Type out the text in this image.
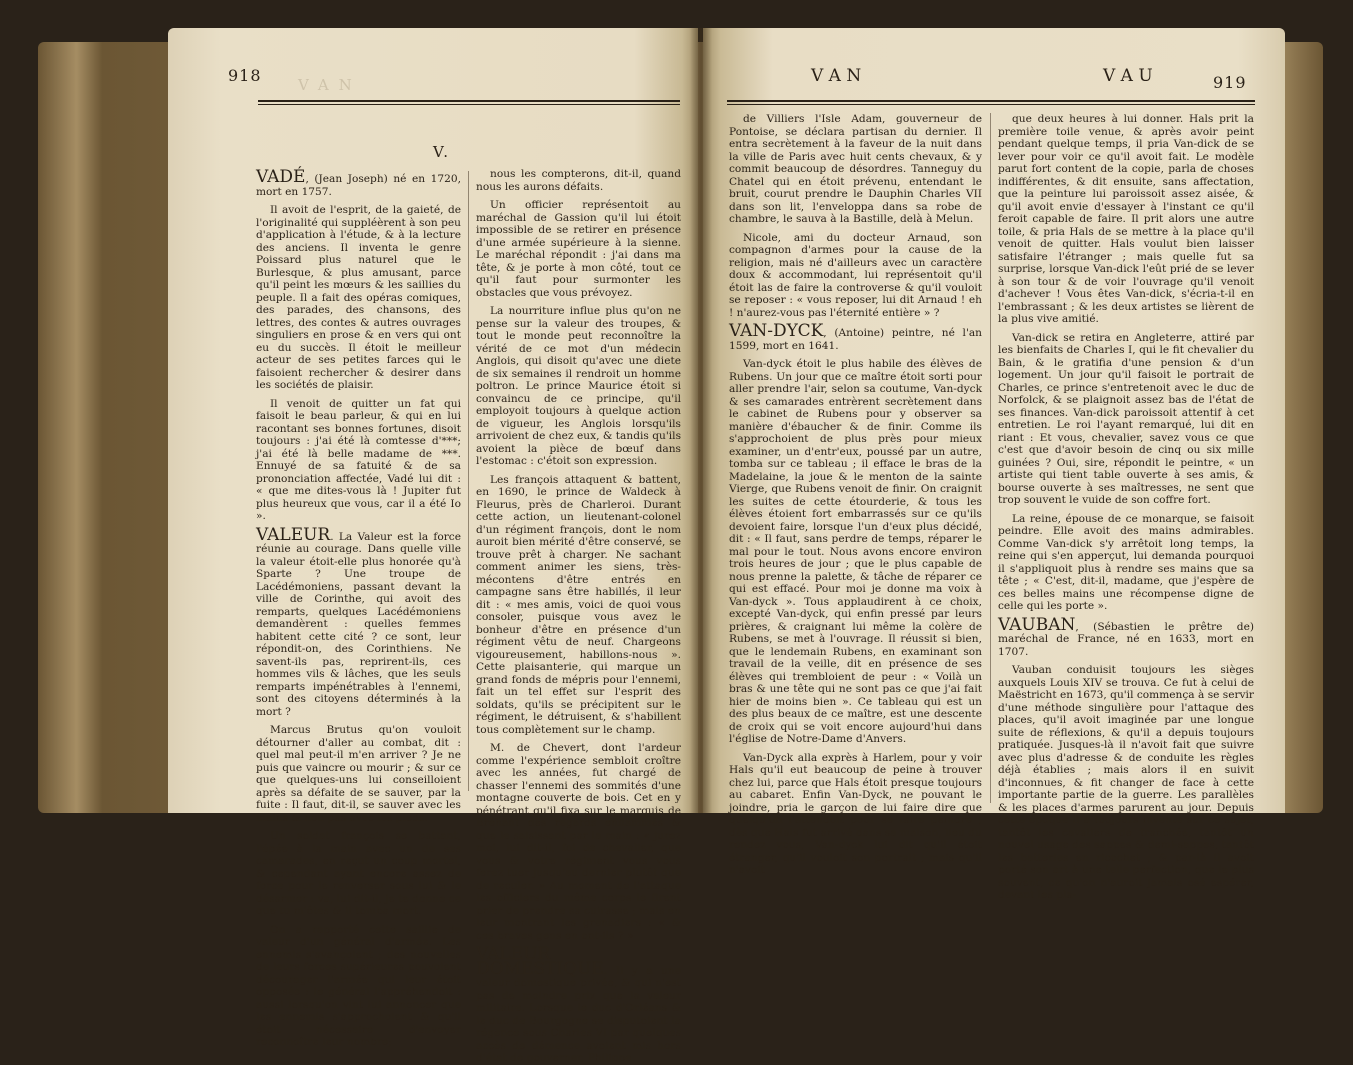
918 VAN
V.

VADÉ, (Jean Joseph) né en 1720, mort en 1757.

Il avoit de l'esprit, de la gaieté, de l'originalité qui suppléèrent à son peu d'application à l'étude, & à la lecture des anciens. Il inventa le genre Poissard plus naturel que le Burlesque, & plus amusant, parce qu'il peint les mœurs & les saillies du peuple. Il a fait des opéras comiques, des parades, des chansons, des lettres, des contes & autres ouvrages singuliers en prose & en vers qui ont eu du succès. Il étoit le meilleur acteur de ses petites farces qui le faisoient rechercher & desirer dans les sociétés de plaisir.

Il venoit de quitter un fat qui faisoit le beau parleur, & qui en lui racontant ses bonnes fortunes, disoit toujours : j'ai été là comtesse d'***; j'ai été là belle madame de ***. Ennuyé de sa fatuité & de sa prononciation affectée, Vadé lui dit : « que me dites-vous là ! Jupiter fut plus heureux que vous, car il a été Io ».

VALEUR. La Valeur est la force réunie au courage. Dans quelle ville la valeur étoit-elle plus honorée qu'à Sparte ? Une troupe de Lacédémoniens, passant devant la ville de Corinthe, qui avoit des remparts, quelques Lacédémoniens demandèrent : quelles femmes habitent cette cité ? ce sont, leur répondit-on, des Corinthiens. Ne savent-ils pas, reprirent-ils, ces hommes vils & lâches, que les seuls remparts impénétrables à l'ennemi, sont des citoyens déterminés à la mort ?

Marcus Brutus qu'on vouloit détourner d'aller au combat, dit : quel mal peut-il m'en arriver ? Je ne puis que vaincre ou mourir ; & sur ce que quelques-uns lui conseilloient après sa défaite de se sauver, par la fuite : Il faut, dit-il, se sauver avec les mains & non pas avec les pieds.

Un soldat françois se battant, l'épée à la main avec un de ses camarades, en reçut un coup mortel, & cependant ayant encore assez de force pour le renverser sous lui & le désarmer : va, lui dit-il, je te donne ce que tu m'ôtes & il tomba mort.

On a rapporté cette saillie de valeur d'un général d'armée. Les ennemis s'avançoient ; des nouvelles de leurs forces supérieures pouvoient décourager l'armée qui leur étoit opposée : le général l'appréhendoit : aussi lorsqu'on vint lui annoncer que les ennemis s'approchoient & qu'il étoit nécessaire d'envoyer reconnoître leur nombre;

nous les compterons, dit-il, quand nous les aurons défaits.

Un officier représentoit au maréchal de Gassion qu'il lui étoit impossible de se retirer en présence d'une armée supérieure à la sienne. Le maréchal répondit : j'ai dans ma tête, & je porte à mon côté, tout ce qu'il faut pour surmonter les obstacles que vous prévoyez.

La nourriture influe plus qu'on ne pense sur la valeur des troupes, & tout le monde peut reconnoître la vérité de ce mot d'un médecin Anglois, qui disoit qu'avec une diete de six semaines il rendroit un homme poltron. Le prince Maurice étoit si convaincu de ce principe, qu'il employoit toujours à quelque action de vigueur, les Anglois lorsqu'ils arrivoient de chez eux, & tandis qu'ils avoient la pièce de bœuf dans l'estomac : c'étoit son expression.

Les françois attaquent & battent, en 1690, le prince de Waldeck à Fleurus, près de Charleroi. Durant cette action, un lieutenant-colonel d'un régiment françois, dont le nom auroit bien mérité d'être conservé, se trouve prêt à charger. Ne sachant comment animer les siens, très-mécontens d'être entrés en campagne sans être habillés, il leur dit : « mes amis, voici de quoi vous consoler, puisque vous avez le bonheur d'être en présence d'un régiment vêtu de neuf. Chargeons vigoureusement, habillons-nous ». Cette plaisanterie, qui marque un grand fonds de mépris pour l'ennemi, fait un tel effet sur l'esprit des soldats, qu'ils se précipitent sur le régiment, le détruisent, & s'habillent tous complètement sur le champ.

M. de Chevert, dont l'ardeur comme l'expérience sembloit croître avec les années, fut chargé de chasser l'ennemi des sommités d'une montagne couverte de bois. Cet en y pénétrant qu'il fixa sur le marquis de Bréhant des regards enflammés & que le saisissant par la main : « jurez moi, lui dit-il, foi de chevalier, que vous & votre régiment vous vous ferez tuer jusqu'au dernier plutôt que de reculer. » Au moment de l'attaque les officiers du même corps le firent prier de prendre sa cuirasse ; mais en leur montrant les grenadiers : « & ces braves gens en ont-ils ? »

VALEUR DOMESTIQUE. Il y a une valeur domestique privée, & qui n'est pas de moindre prix que la valeur militaire. Lorsque le duc d'Orléans & le duc de Bourgogne se disputoient la régence sous Charles VI par quelques accès de démence avoient mis hors d'état de gouverner, Philippe

V A N	V A U	919

de Villiers l'Isle Adam, gouverneur de Pontoise, se déclara partisan du dernier. Il entra secrètement à la faveur de la nuit dans la ville de Paris avec huit cents chevaux, & y commit beaucoup de désordres. Tanneguy du Chatel qui en étoit prévenu, entendant le bruit, courut prendre le Dauphin Charles VII dans son lit, l'enveloppa dans sa robe de chambre, le sauva à la Bastille, delà à Melun.

Nicole, ami du docteur Arnaud, son compagnon d'armes pour la cause de la religion, mais né d'ailleurs avec un caractère doux & accommodant, lui représentoit qu'il étoit las de faire la controverse & qu'il vouloit se reposer : « vous reposer, lui dit Arnaud ! eh ! n'aurez-vous pas l'éternité entière » ?

VAN-DYCK, (Antoine) peintre, né l'an 1599, mort en 1641.

Van-dyck étoit le plus habile des élèves de Rubens. Un jour que ce maître étoit sorti pour aller prendre l'air, selon sa coutume, Van-dyck & ses camarades entrèrent secrètement dans le cabinet de Rubens pour y observer sa manière d'ébaucher & de finir. Comme ils s'approchoient de plus près pour mieux examiner, un d'entr'eux, poussé par un autre, tomba sur ce tableau ; il efface le bras de la Madelaine, la joue & le menton de la sainte Vierge, que Rubens venoit de finir. On craignit les suites de cette étourderie, & tous les élèves étoient fort embarrassés sur ce qu'ils devoient faire, lorsque l'un d'eux plus décidé, dit : « Il faut, sans perdre de temps, réparer le mal pour le tout. Nous avons encore environ trois heures de jour ; que le plus capable de nous prenne la palette, & tâche de réparer ce qui est effacé. Pour moi je donne ma voix à Van-dyck ». Tous applaudirent à ce choix, excepté Van-dyck, qui enfin pressé par leurs prières, & craignant lui même la colère de Rubens, se met à l'ouvrage. Il réussit si bien, que le lendemain Rubens, en examinant son travail de la veille, dit en présence de ses élèves qui trembloient de peur : « Voilà un bras & une tête qui ne sont pas ce que j'ai fait hier de moins bien ». Ce tableau qui est un des plus beaux de ce maître, est une descente de croix qui se voit encore aujourd'hui dans l'église de Notre-Dame d'Anvers.

Van-Dyck alla exprès à Harlem, pour y voir Hals qu'il eut beaucoup de peine à trouver chez lui, parce que Hals étoit presque toujours au cabaret. Enfin Van-Dyck, ne pouvant le joindre, pria le garçon de lui faire dire que quelqu'un l'attendoit pour se faire peindre ; dès que Hals fut arrivé dans sa maison, lieu du rendez vous, Van-dyck lui dit qu'il étoit étranger, qu'il vouloit son portrait ; mais qu'il n'avoit

que deux heures à lui donner. Hals prit la première toile venue, & après avoir peint pendant quelque temps, il pria Van-dick de se lever pour voir ce qu'il avoit fait. Le modèle parut fort content de la copie, parla de choses indifférentes, & dit ensuite, sans affectation, que la peinture lui paroissoit assez aisée, & qu'il avoit envie d'essayer à l'instant ce qu'il feroit capable de faire. Il prit alors une autre toile, & pria Hals de se mettre à la place qu'il venoit de quitter. Hals voulut bien laisser satisfaire l'étranger ; mais quelle fut sa surprise, lorsque Van-dick l'eût prié de se lever à son tour & de voir l'ouvrage qu'il venoit d'achever ! Vous êtes Van-dick, s'écria-t-il en l'embrassant ; & les deux artistes se lièrent de la plus vive amitié.

Van-dick se retira en Angleterre, attiré par les bienfaits de Charles I, qui le fit chevalier du Bain, & le gratifia d'une pension & d'un logement. Un jour qu'il faisoit le portrait de Charles, ce prince s'entretenoit avec le duc de Norfolck, & se plaignoit assez bas de l'état de ses finances. Van-dick paroissoit attentif à cet entretien. Le roi l'ayant remarqué, lui dit en riant : Et vous, chevalier, savez vous ce que c'est que d'avoir besoin de cinq ou six mille guinées ? Oui, sire, répondit le peintre, « un artiste qui tient table ouverte à ses amis, & bourse ouverte à ses maîtresses, ne sent que trop souvent le vuide de son coffre fort.

La reine, épouse de ce monarque, se faisoit peindre. Elle avoit des mains admirables. Comme Van-dick s'y arrêtoit long temps, la reine qui s'en apperçut, lui demanda pourquoi il s'appliquoit plus à rendre ses mains que sa tête ; « C'est, dit-il, madame, que j'espère de ces belles mains une récompense digne de celle qui les porte ».

VAUBAN, (Sébastien le prêtre de) maréchal de France, né en 1633, mort en 1707.

Vauban conduisit toujours les sièges auxquels Louis XIV se trouva. Ce fut à celui de Maëstricht en 1673, qu'il commença à se servir d'une méthode singulière pour l'attaque des places, qu'il avoit imaginée par une longue suite de réflexions, & qu'il a depuis toujours pratiquée. Jusques-là il n'avoit fait que suivre avec plus d'adresse & de conduite les règles déjà établies ; mais alors il en suivit d'inconnues, & fit changer de face à cette importante partie de la guerre. Les parallèles & les places d'armes parurent au jour. Depuis cette époque il a toujours inventé sur ce sujet, tantôt les cavaliers de tranchée, tantôt un nouvel usage des sappes & demi-sappes, tantôt les batteries en ricochet ; & par-là il avoit porté son art à une telle perfection, que le plus souvent, ce qu'on n'auroit jamais osé espérer, devant les pla-
